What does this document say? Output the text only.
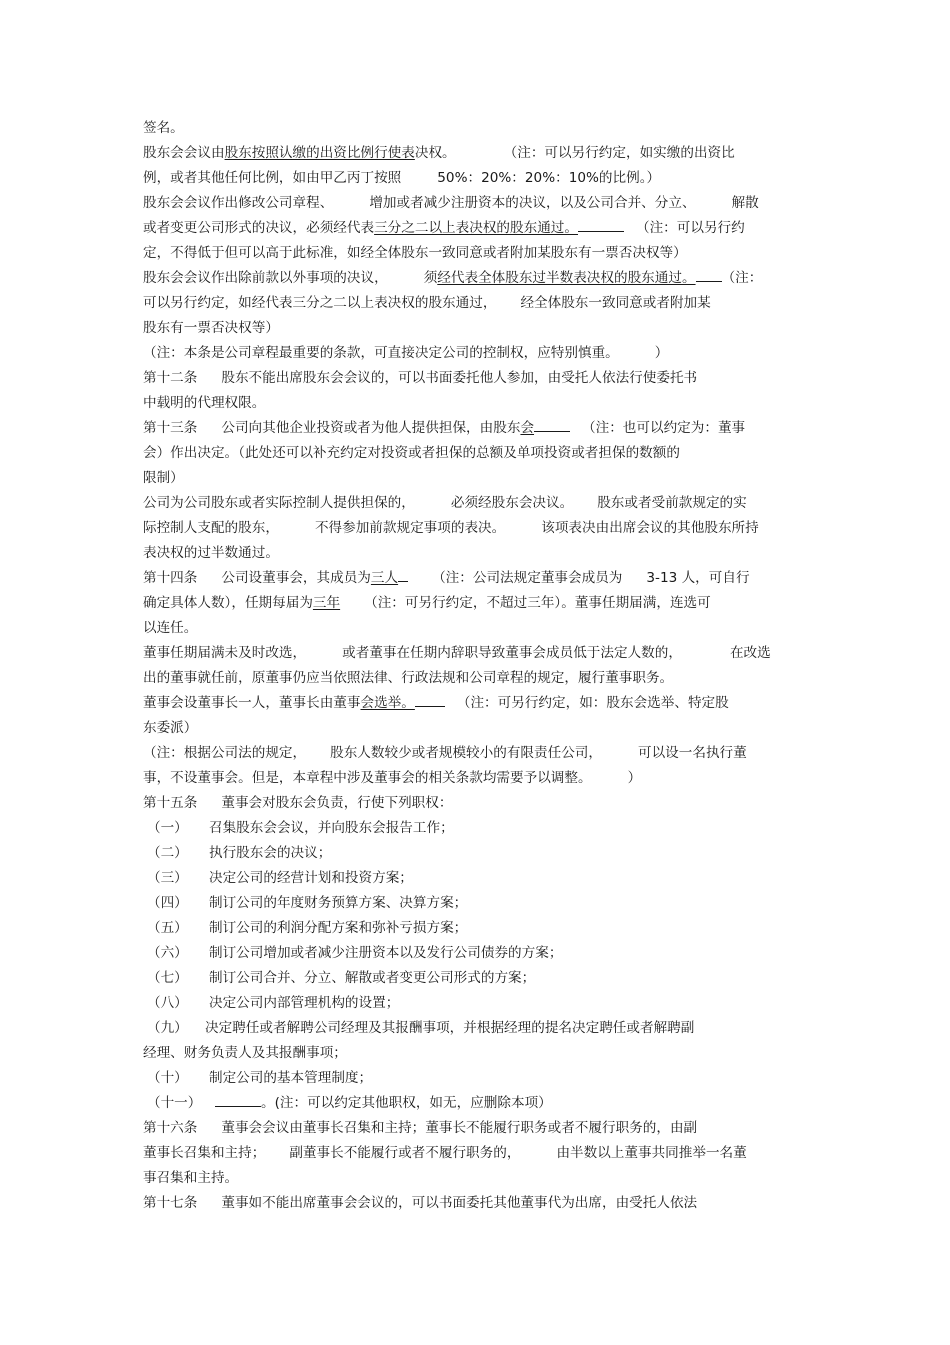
签名。
股东会会议由股东按照认缴的出资比例行使表决权。	（注：可以另行约定，如实缴的出资比
例，或者其他任何比例，如由甲乙丙丁按照	50%：20%：20%：10%的比例。）
股东会会议作出修改公司章程、	增加或者减少注册资本的决议，以及公司合并、分立、	解散
或者变更公司形式的决议，必须经代表三分之二以上表决权的股东通过。	（注：可以另行约
定，不得低于但可以高于此标准，如经全体股东一致同意或者附加某股东有一票否决权等）
股东会会议作出除前款以外事项的决议，	须经代表全体股东过半数表决权的股东通过。 （注：
可以另行约定，如经代表三分之二以上表决权的股东通过， 经全体股东一致同意或者附加某
股东有一票否决权等）
（注：本条是公司章程最重要的条款，可直接决定公司的控制权，应特别慎重。	）
第十二条 股东不能出席股东会会议的，可以书面委托他人参加，由受托人依法行使委托书
中载明的代理权限。
第十三条 公司向其他企业投资或者为他人提供担保，由股东会	（注：也可以约定为：董事
会）作出决定。（此处还可以补充约定对投资或者担保的总额及单项投资或者担保的数额的
限制）
公司为公司股东或者实际控制人提供担保的，	必须经股东会决议。 股东或者受前款规定的实
际控制人支配的股东，	不得参加前款规定事项的表决。	该项表决由出席会议的其他股东所持
表决权的过半数通过。
第十四条 公司设董事会，其成员为三人	（注：公司法规定董事会成员为 3-13 人，可自行
确定具体人数），任期每届为三年 （注：可另行约定，不超过三年）。董事任期届满，连选可
以连任。
董事任期届满未及时改选，	或者董事在任期内辞职导致董事会成员低于法定人数的，	在改选
出的董事就任前，原董事仍应当依照法律、行政法规和公司章程的规定，履行董事职务。
董事会设董事长一人，董事长由董事会选举。	（注：可另行约定，如：股东会选举、特定股
东委派）
（注：根据公司法的规定， 股东人数较少或者规模较小的有限责任公司，	可以设一名执行董
事，不设董事会。但是，本章程中涉及董事会的相关条款均需要予以调整。	）
第十五条 董事会对股东会负责，行使下列职权：
（一） 召集股东会会议，并向股东会报告工作；
（二） 执行股东会的决议；
（三） 决定公司的经营计划和投资方案；
（四） 制订公司的年度财务预算方案、决算方案；
（五） 制订公司的利润分配方案和弥补亏损方案；
（六） 制订公司增加或者减少注册资本以及发行公司债券的方案；
（七） 制订公司合并、分立、解散或者变更公司形式的方案；
（八） 决定公司内部管理机构的设置；
（九） 决定聘任或者解聘公司经理及其报酬事项，并根据经理的提名决定聘任或者解聘副
经理、财务负责人及其报酬事项；
（十） 制定公司的基本管理制度；
（十一）	。(注：可以约定其他职权，如无，应删除本项）
第十六条 董事会会议由董事长召集和主持；董事长不能履行职务或者不履行职务的，由副
董事长召集和主持； 副董事长不能履行或者不履行职务的，	由半数以上董事共同推举一名董
事召集和主持。
第十七条 董事如不能出席董事会会议的，可以书面委托其他董事代为出席，由受托人依法
